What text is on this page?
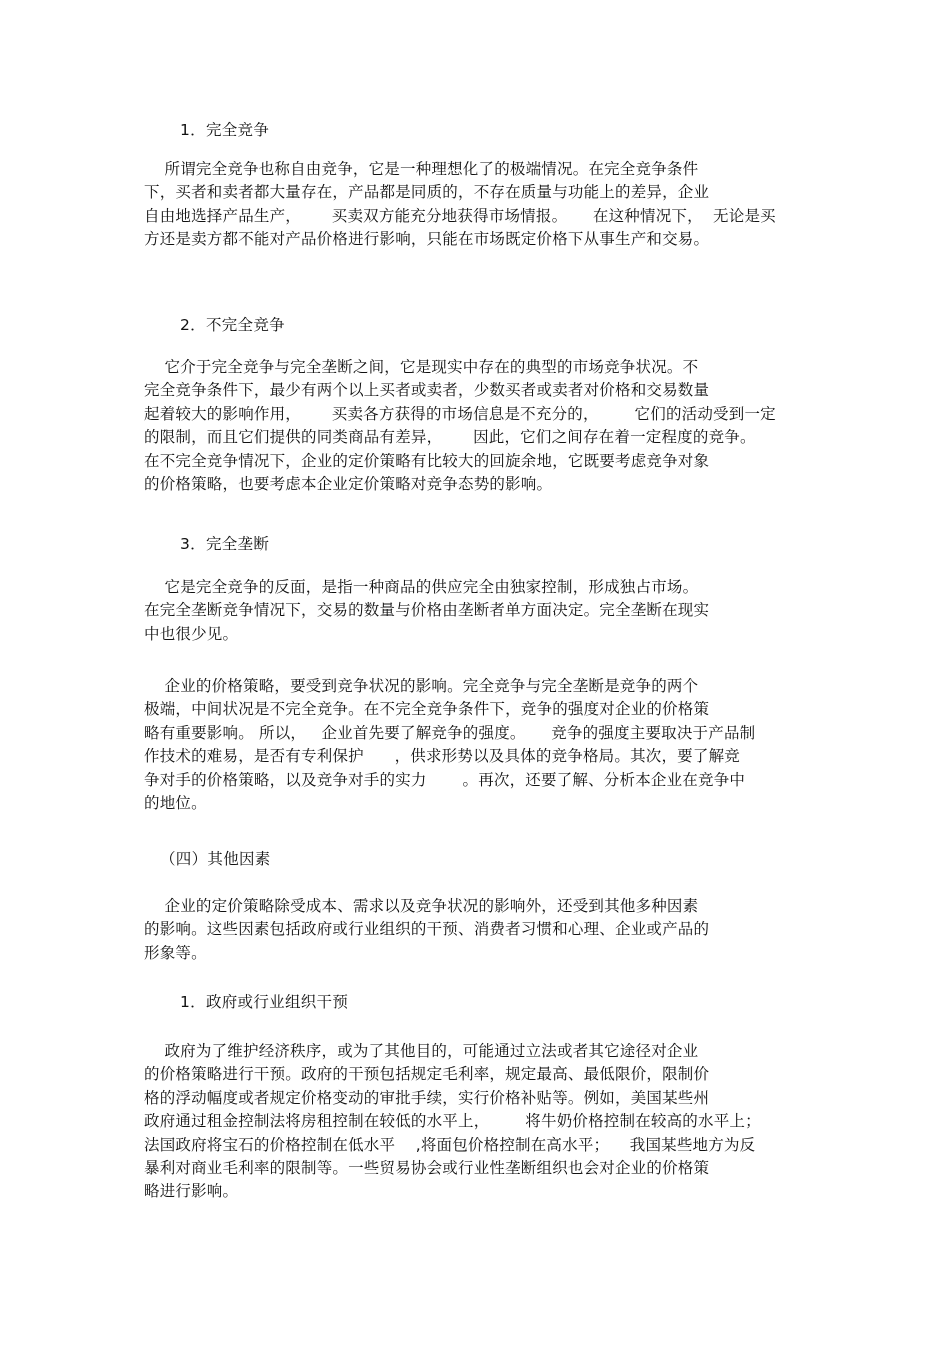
1．完全竞争
所谓完全竞争也称自由竞争，它是一种理想化了的极端情况。在完全竞争条件
下，买者和卖者都大量存在，产品都是同质的，不存在质量与功能上的差异，企业
自由地选择产品生产，      买卖双方能充分地获得市场情报。     在这种情况下，  无论是买
方还是卖方都不能对产品价格进行影响，只能在市场既定价格下从事生产和交易。
2．不完全竞争
它介于完全竞争与完全垄断之间，它是现实中存在的典型的市场竞争状况。不
完全竞争条件下，最少有两个以上买者或卖者，少数买者或卖者对价格和交易数量
起着较大的影响作用，      买卖各方获得的市场信息是不充分的，       它们的活动受到一定
的限制，而且它们提供的同类商品有差异，      因此，它们之间存在着一定程度的竞争。
在不完全竞争情况下，企业的定价策略有比较大的回旋余地，它既要考虑竞争对象
的价格策略，也要考虑本企业定价策略对竞争态势的影响。
3．完全垄断
它是完全竞争的反面，是指一种商品的供应完全由独家控制，形成独占市场。
在完全垄断竞争情况下，交易的数量与价格由垄断者单方面决定。完全垄断在现实
中也很少见。
企业的价格策略，要受到竞争状况的影响。完全竞争与完全垄断是竞争的两个
极端，中间状况是不完全竞争。在不完全竞争条件下，竞争的强度对企业的价格策
略有重要影响。 所以，   企业首先要了解竞争的强度。     竞争的强度主要取决于产品制
作技术的难易，是否有专利保护      ，供求形势以及具体的竞争格局。其次，要了解竞
争对手的价格策略，以及竞争对手的实力       。再次，还要了解、分析本企业在竞争中
的地位。
（四）其他因素
企业的定价策略除受成本、需求以及竞争状况的影响外，还受到其他多种因素
的影响。这些因素包括政府或行业组织的干预、消费者习惯和心理、企业或产品的
形象等。
1．政府或行业组织干预
政府为了维护经济秩序，或为了其他目的，可能通过立法或者其它途径对企业
的价格策略进行干预。政府的干预包括规定毛利率，规定最高、最低限价，限制价
格的浮动幅度或者规定价格变动的审批手续，实行价格补贴等。例如，美国某些州
政府通过租金控制法将房租控制在较低的水平上，       将牛奶价格控制在较高的水平上；
法国政府将宝石的价格控制在低水平    ,将面包价格控制在高水平；    我国某些地方为反
暴利对商业毛利率的限制等。一些贸易协会或行业性垄断组织也会对企业的价格策
略进行影响。
